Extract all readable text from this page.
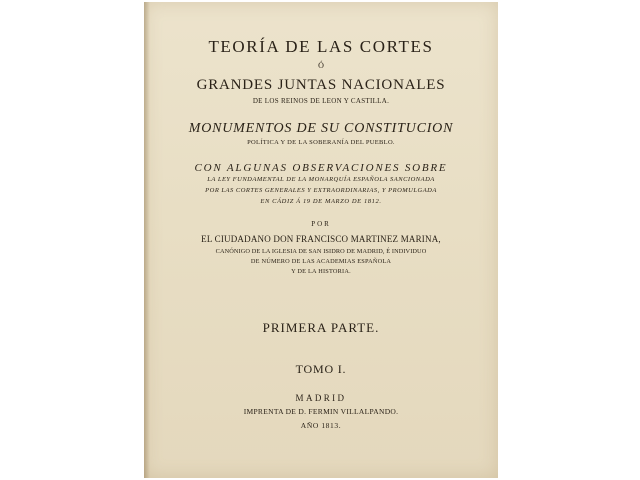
TEORÍA DE LAS CORTES
Ó
GRANDES JUNTAS NACIONALES
DE LOS REINOS DE LEON Y CASTILLA.
MONUMENTOS DE SU CONSTITUCION
POLÍTICA Y DE LA SOBERANÍA DEL PUEBLO.
CON ALGUNAS OBSERVACIONES SOBRE
LA LEY FUNDAMENTAL DE LA MONARQUÍA ESPAÑOLA SANCIONADA
POR LAS CORTES GENERALES Y EXTRAORDINARIAS, Y PROMULGADA
EN CÁDIZ Á 19 DE MARZO DE 1812.
POR
EL CIUDADANO DON FRANCISCO MARTINEZ MARINA,
CANÓNIGO DE LA IGLESIA DE SAN ISIDRO DE MADRID, É INDIVIDUO
DE NÚMERO DE LAS ACADEMIAS ESPAÑOLA
Y DE LA HISTORIA.
PRIMERA PARTE.
TOMO I.
MADRID
IMPRENTA DE D. FERMIN VILLALPANDO.
AÑO 1813.
